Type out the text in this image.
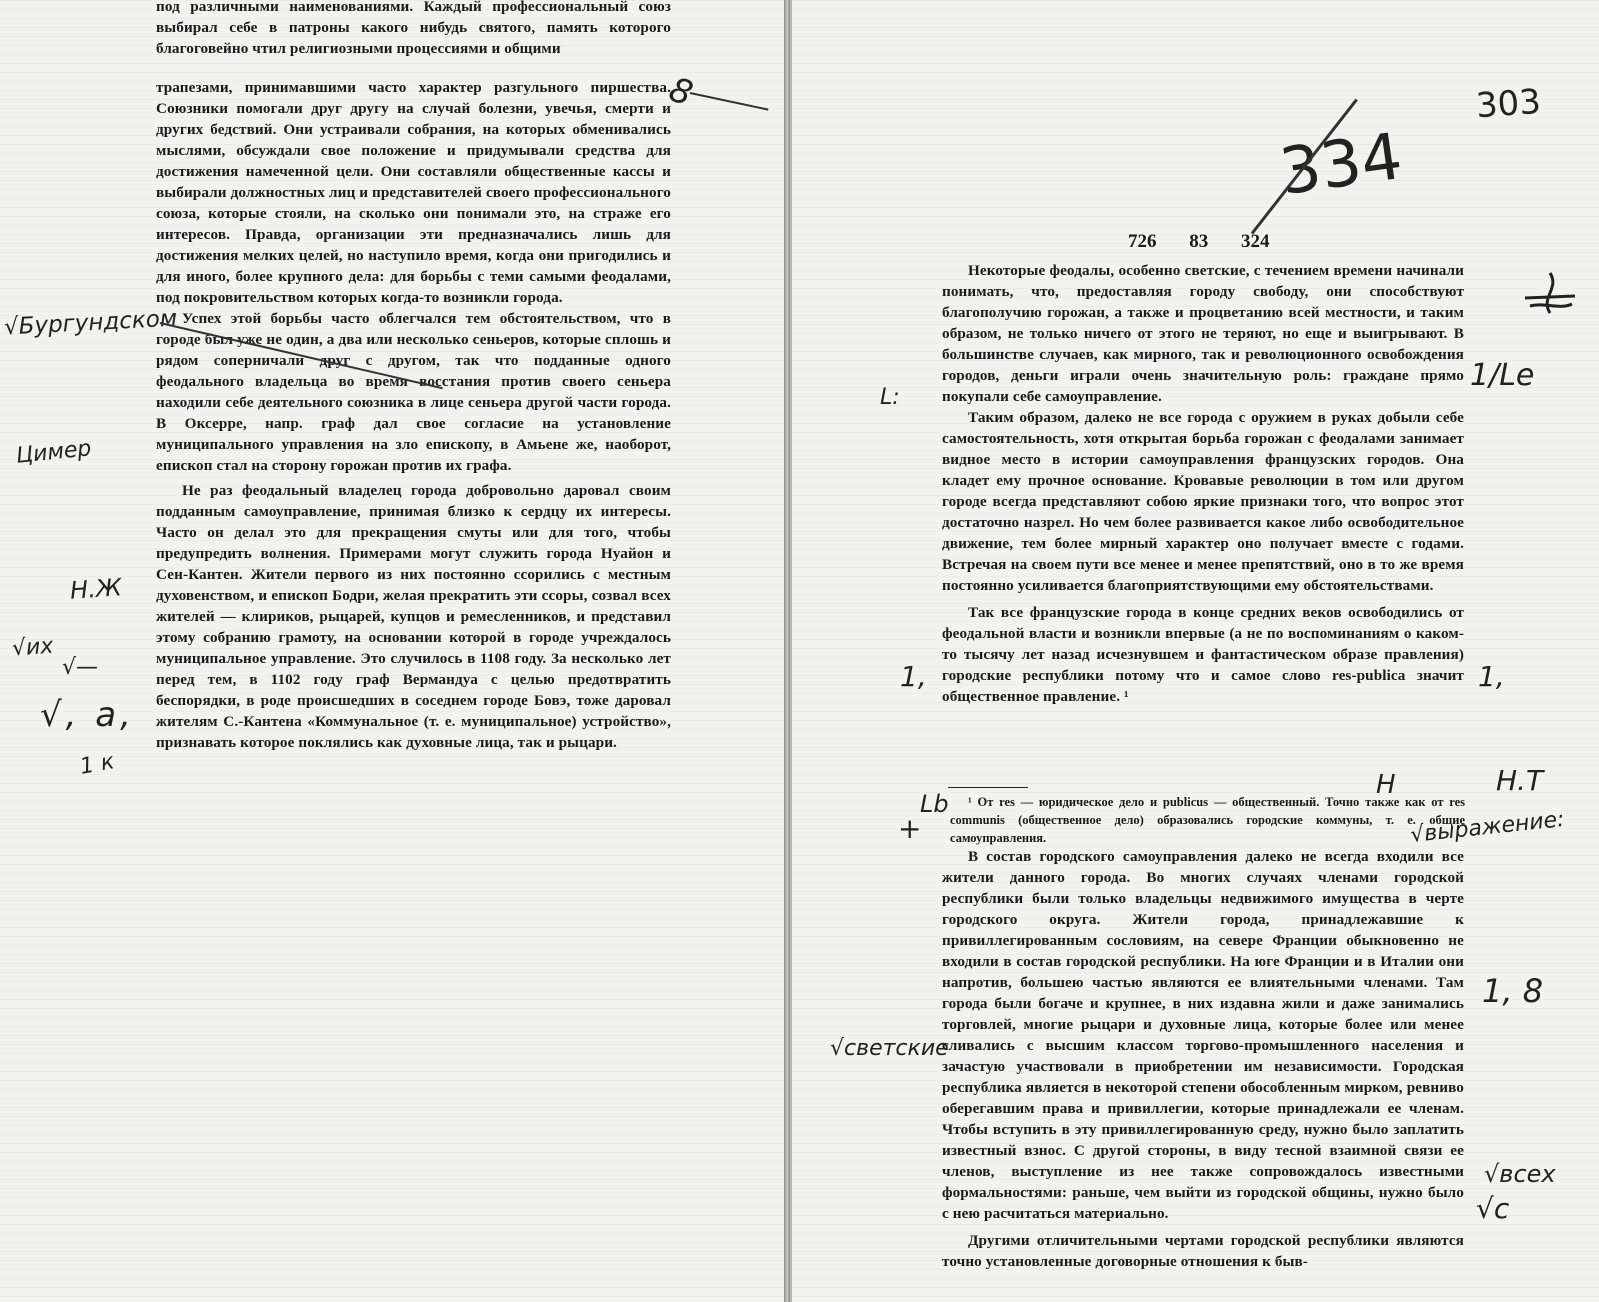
под различными наименованиями. Каждый профессиональный союз выбирал себе в патроны какого нибудь святого, память которого благоговейно чтил религиозными процессиями и общими

трапезами, принимавшими часто характер разгульного пиршества. Союзники помогали друг другу на случай болезни, увечья, смерти и других бедствий. Они устраивали собрания, на которых обменивались мыслями, обсуждали свое положение и придумывали средства для достижения намеченной цели. Они составляли общественные кассы и выбирали должностных лиц и представителей своего профессионального союза, которые стояли, на сколько они понимали это, на страже его интересов. Правда, организации эти предназначались лишь для достижения мелких целей, но наступило время, когда они пригодились и для иного, более крупного дела: для борьбы с теми самыми феодалами, под покровительством которых когда-то возникли города.

Успех этой борьбы часто облегчался тем обстоятельством, что в городе был уже не один, а два или несколько сеньеров, которые сплошь и рядом соперничали друг с другом, так что подданные одного феодального владельца во время восстания против своего сеньера находили себе деятельного союзника в лице сеньера другой части города. В Оксерре, напр. граф дал свое согласие на установление муниципального управления на зло епископу, в Амьене же, наоборот, епископ стал на сторону горожан против их графа.

Не раз феодальный владелец города добровольно даровал своим подданным самоуправление, принимая близко к сердцу их интересы. Часто он делал это для прекращения смуты или для того, чтобы предупредить волнения. Примерами могут служить города Нуайон и Сен-Кантен. Жители первого из них постоянно ссорились с местным духовенством, и епископ Бодри, желая прекратить эти ссоры, созвал всех жителей — клириков, рыцарей, купцов и ремесленников, и представил этому собранию грамоту, на основании которой в городе учреждалось муниципальное управление. Это случилось в 1108 году. За несколько лет перед тем, в 1102 году граф Вермандуа с целью предотвратить беспорядки, в роде происшедших в соседнем городе Бовэ, тоже даровал жителям С.-Кантена «Коммунальное (т. е. муниципальное) устройство», признавать которое поклялись как духовные лица, так и рыцари.

8
√Бургундском
Цимер
Н.Ж
√их
√—
√, а,
1 к
303
334
726 83 324

Некоторые феодалы, особенно светские, с течением времени начинали понимать, что, предоставляя городу свободу, они способствуют благополучию горожан, а также и процветанию всей местности, и таким образом, не только ничего от этого не теряют, но еще и выигрывают. В большинстве случаев, как мирного, так и революционного освобождения городов, деньги играли очень значительную роль: граждане прямо покупали себе самоуправление.

Таким образом, далеко не все города с оружием в руках добыли себе самостоятельность, хотя открытая борьба горожан с феодалами занимает видное место в истории самоуправления французских городов. Она кладет ему прочное основание. Кровавые революции в том или другом городе всегда представляют собою яркие признаки того, что вопрос этот достаточно назрел. Но чем более развивается какое либо освободительное движение, тем более мирный характер оно получает вместе с годами. Встречая на своем пути все менее и менее препятствий, оно в то же время постоянно усиливается благоприятствующими ему обстоятельствами.

Так все французские города в конце средних веков освободились от феодальной власти и возникли впервые (а не по воспоминаниям о каком-то тысячу лет назад исчезнувшем и фантастическом образе правления) городские республики потому что и самое слово res-publica значит общественное правление. ¹

¹ От res — юридическое дело и publicus — общественный. Точно также как от res communis (общественное дело) образовались городские коммуны, т. е. общие самоуправления.

В состав городского самоуправления далеко не всегда входили все жители данного города. Во многих случаях членами городской республики были только владельцы недвижимого имущества в черте городского округа. Жители города, принадлежавшие к привиллегированным сословиям, на севере Франции обыкновенно не входили в состав городской республики. На юге Франции и в Италии они напротив, большею частью являются ее влиятельными членами. Там города были богаче и крупнее, в них издавна жили и даже занимались торговлей, многие рыцари и духовные лица, которые более или менее сливались с высшим классом торгово-промышленного населения и зачастую участвовали в приобретении им независимости. Городская республика является в некоторой степени обособленным мирком, ревниво оберегавшим права и привиллегии, которые принадлежали ее членам. Чтобы вступить в эту привиллегированную среду, нужно было заплатить известный взнос. С другой стороны, в виду тесной взаимной связи ее членов, выступление из нее также сопровождалось известными формальностями: раньше, чем выйти из городской общины, нужно было с нею расчитаться материально.

Другими отличительными чертами городской республики являются точно установленные договорные отношения к быв-

L:
1/Le
1,	1,
+
Lb
Н	Н.Т
√выражение:
1, 8
√светские
√всех
√с
